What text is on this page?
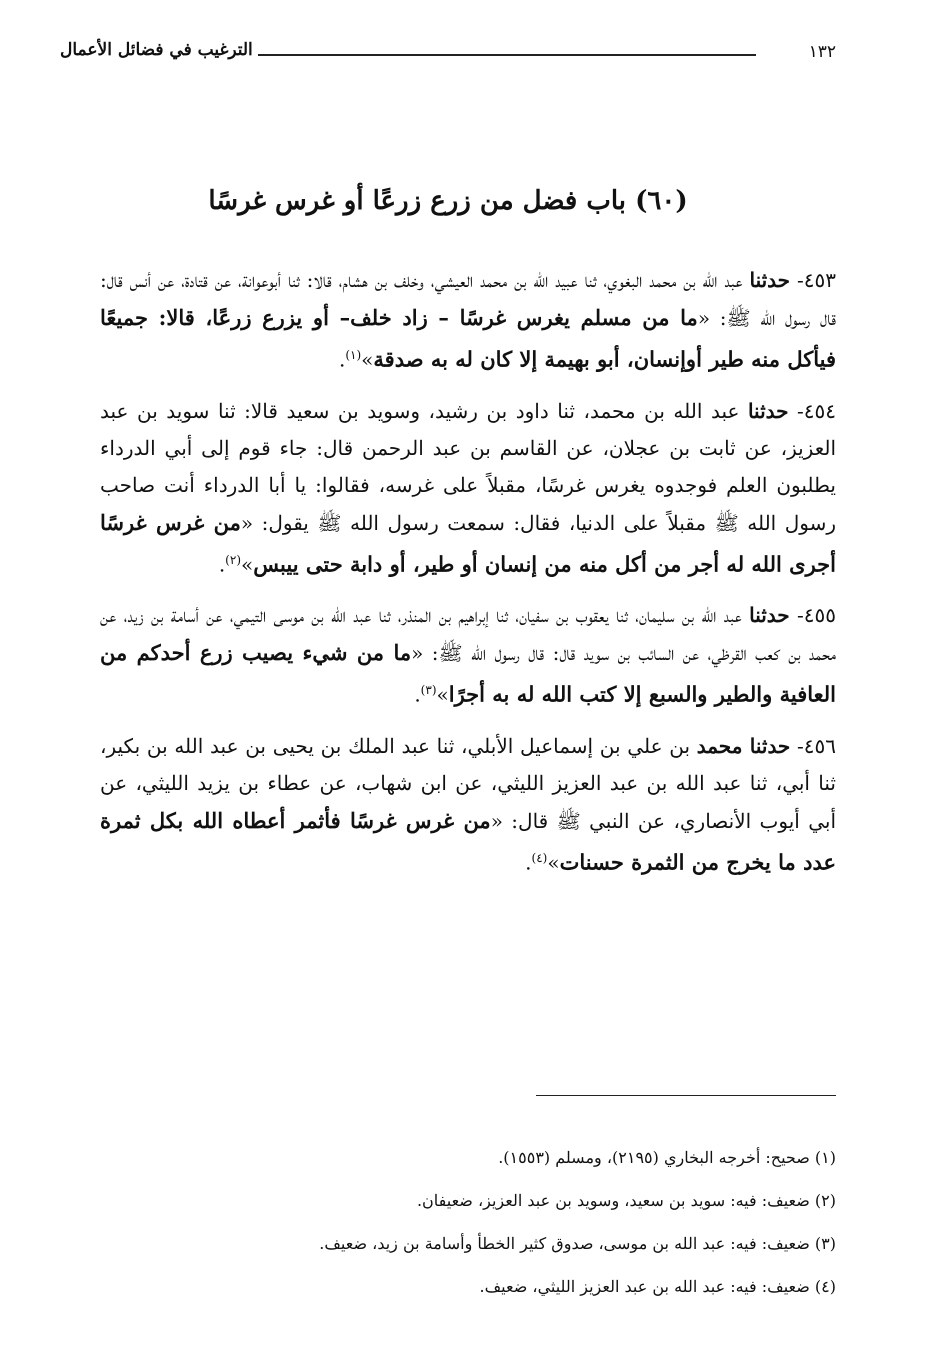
الترغيب في فضائل الأعمال	١٣٢
(٦٠) باب فضل من زرع زرعًا أو غرس غرسًا

٤٥٣- حدثنا عبد الله بن محمد البغوي، ثنا عبيد الله بن محمد العيشي، وخلف بن هشام، قالا: ثنا أبوعوانة، عن قتادة، عن أنس قال: قال رسول الله ﷺ: «ما من مسلم يغرس غرسًا – زاد خلف– أو يزرع زرعًا، قالا: جميعًا فيأكل منه طير أوإنسان، أبو بهيمة إلا كان له به صدقة»$^{(١)}$.

٤٥٤- حدثنا عبد الله بن محمد، ثنا داود بن رشيد، وسويد بن سعيد قالا: ثنا سويد بن عبد العزيز، عن ثابت بن عجلان، عن القاسم بن عبد الرحمن قال: جاء قوم إلى أبي الدرداء يطلبون العلم فوجدوه يغرس غرسًا، مقبلاً على غرسه، فقالوا: يا أبا الدرداء أنت صاحب رسول الله ﷺ مقبلاً على الدنيا، فقال: سمعت رسول الله ﷺ يقول: «من غرس غرسًا أجرى الله له أجر من أكل منه من إنسان أو طير، أو دابة حتى ييبس»$^{(٢)}$.

٤٥٥- حدثنا عبد الله بن سليمان، ثنا يعقوب بن سفيان، ثنا إبراهيم بن المنذر، ثنا عبد الله بن موسى التيمي، عن أسامة بن زيد، عن محمد بن كعب القرظي، عن السائب بن سويد قال: قال رسول الله ﷺ: «ما من شيء يصيب زرع أحدكم من العافية والطير والسبع إلا كتب الله له به أجرًا»$^{(٣)}$.

٤٥٦- حدثنا محمد بن علي بن إسماعيل الأبلي، ثنا عبد الملك بن يحيى بن عبد الله بن بكير، ثنا أبي، ثنا عبد الله بن عبد العزيز الليثي، عن ابن شهاب، عن عطاء بن يزيد الليثي، عن أبي أيوب الأنصاري، عن النبي ﷺ قال: «من غرس غرسًا فأثمر أعطاه الله بكل ثمرة عدد ما يخرج من الثمرة حسنات»$^{(٤)}$.

(١) صحيح: أخرجه البخاري (٢١٩٥)، ومسلم (١٥٥٣).

(٢) ضعيف: فيه: سويد بن سعيد، وسويد بن عبد العزيز، ضعيفان.

(٣) ضعيف: فيه: عبد الله بن موسى، صدوق كثير الخطأ وأسامة بن زيد، ضعيف.

(٤) ضعيف: فيه: عبد الله بن عبد العزيز الليثي، ضعيف.
